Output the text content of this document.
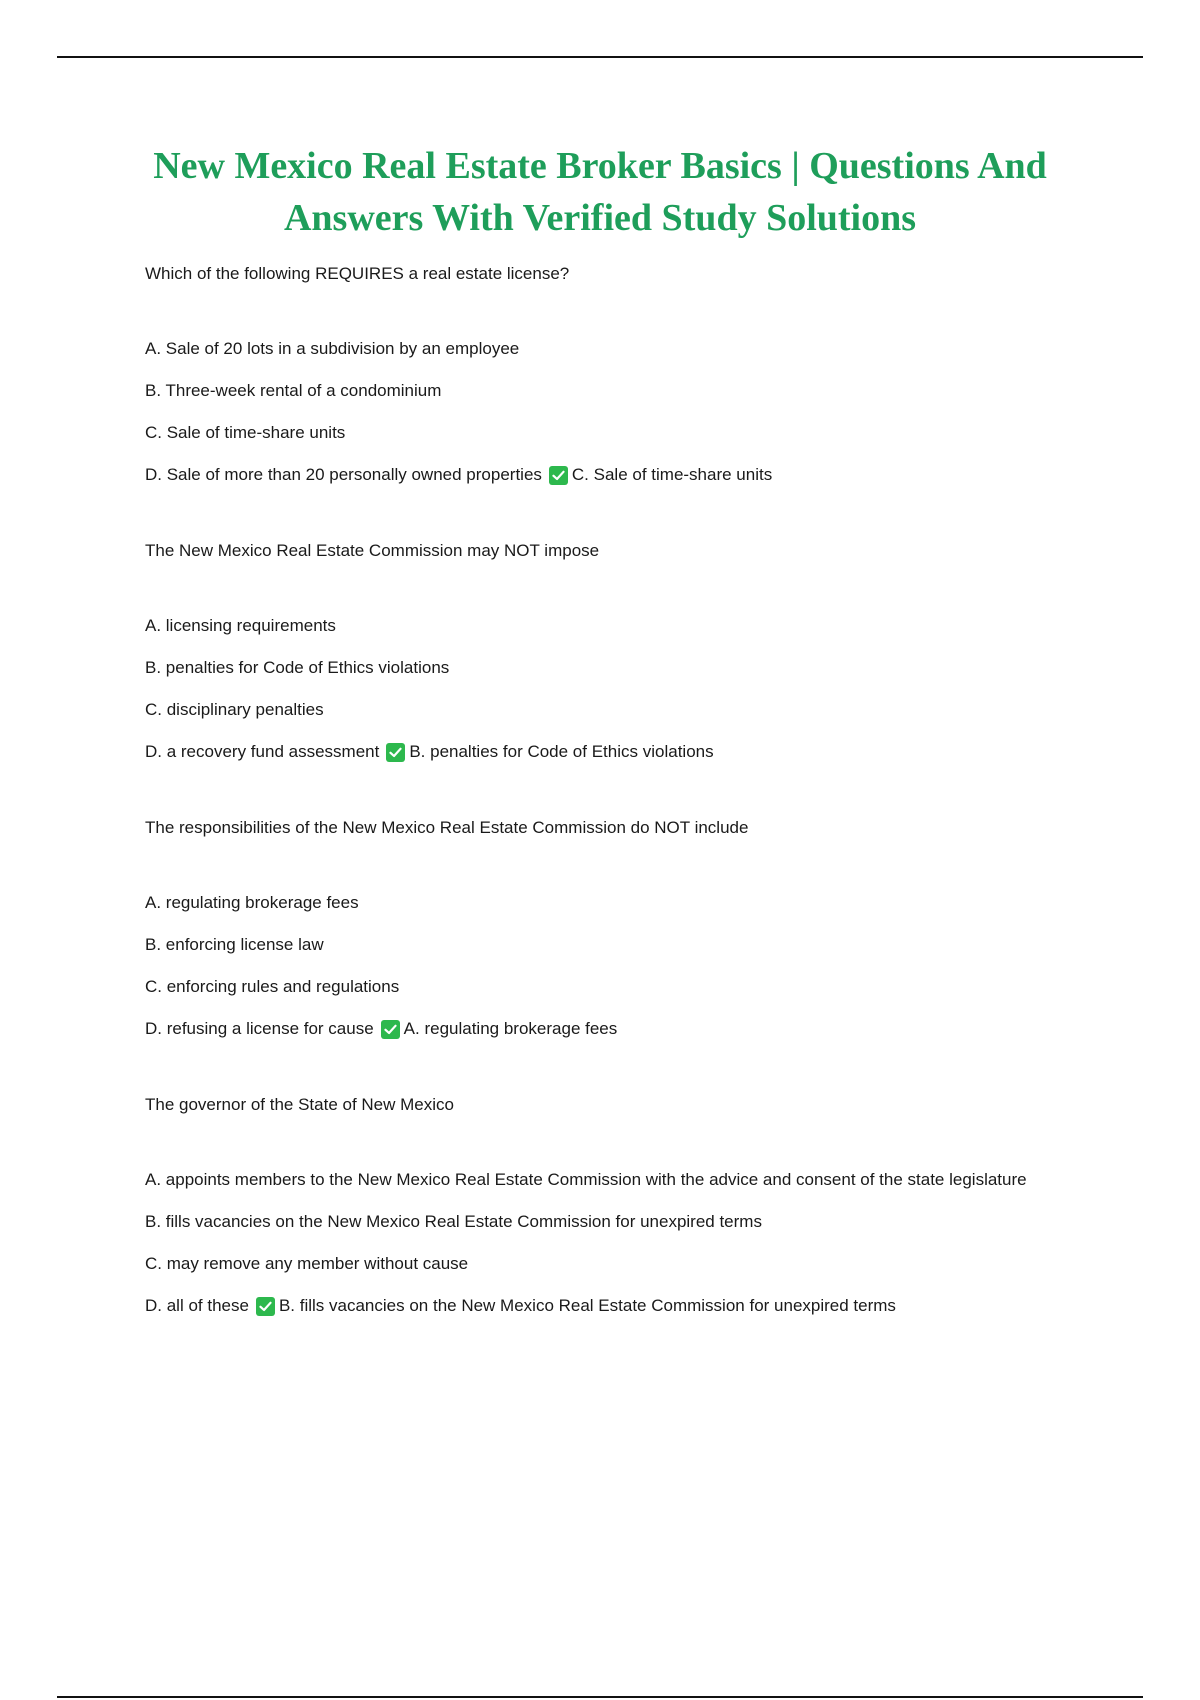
New Mexico Real Estate Broker Basics | Questions And Answers With Verified Study Solutions
Which of the following REQUIRES a real estate license?
A. Sale of 20 lots in a subdivision by an employee
B. Three-week rental of a condominium
C. Sale of time-share units
D. Sale of more than 20 personally owned properties C. Sale of time-share units
The New Mexico Real Estate Commission may NOT impose
A. licensing requirements
B. penalties for Code of Ethics violations
C. disciplinary penalties
D. a recovery fund assessment B. penalties for Code of Ethics violations
The responsibilities of the New Mexico Real Estate Commission do NOT include
A. regulating brokerage fees
B. enforcing license law
C. enforcing rules and regulations
D. refusing a license for cause A. regulating brokerage fees
The governor of the State of New Mexico
A. appoints members to the New Mexico Real Estate Commission with the advice and consent of the state legislature
B. fills vacancies on the New Mexico Real Estate Commission for unexpired terms
C. may remove any member without cause
D. all of these B. fills vacancies on the New Mexico Real Estate Commission for unexpired terms
